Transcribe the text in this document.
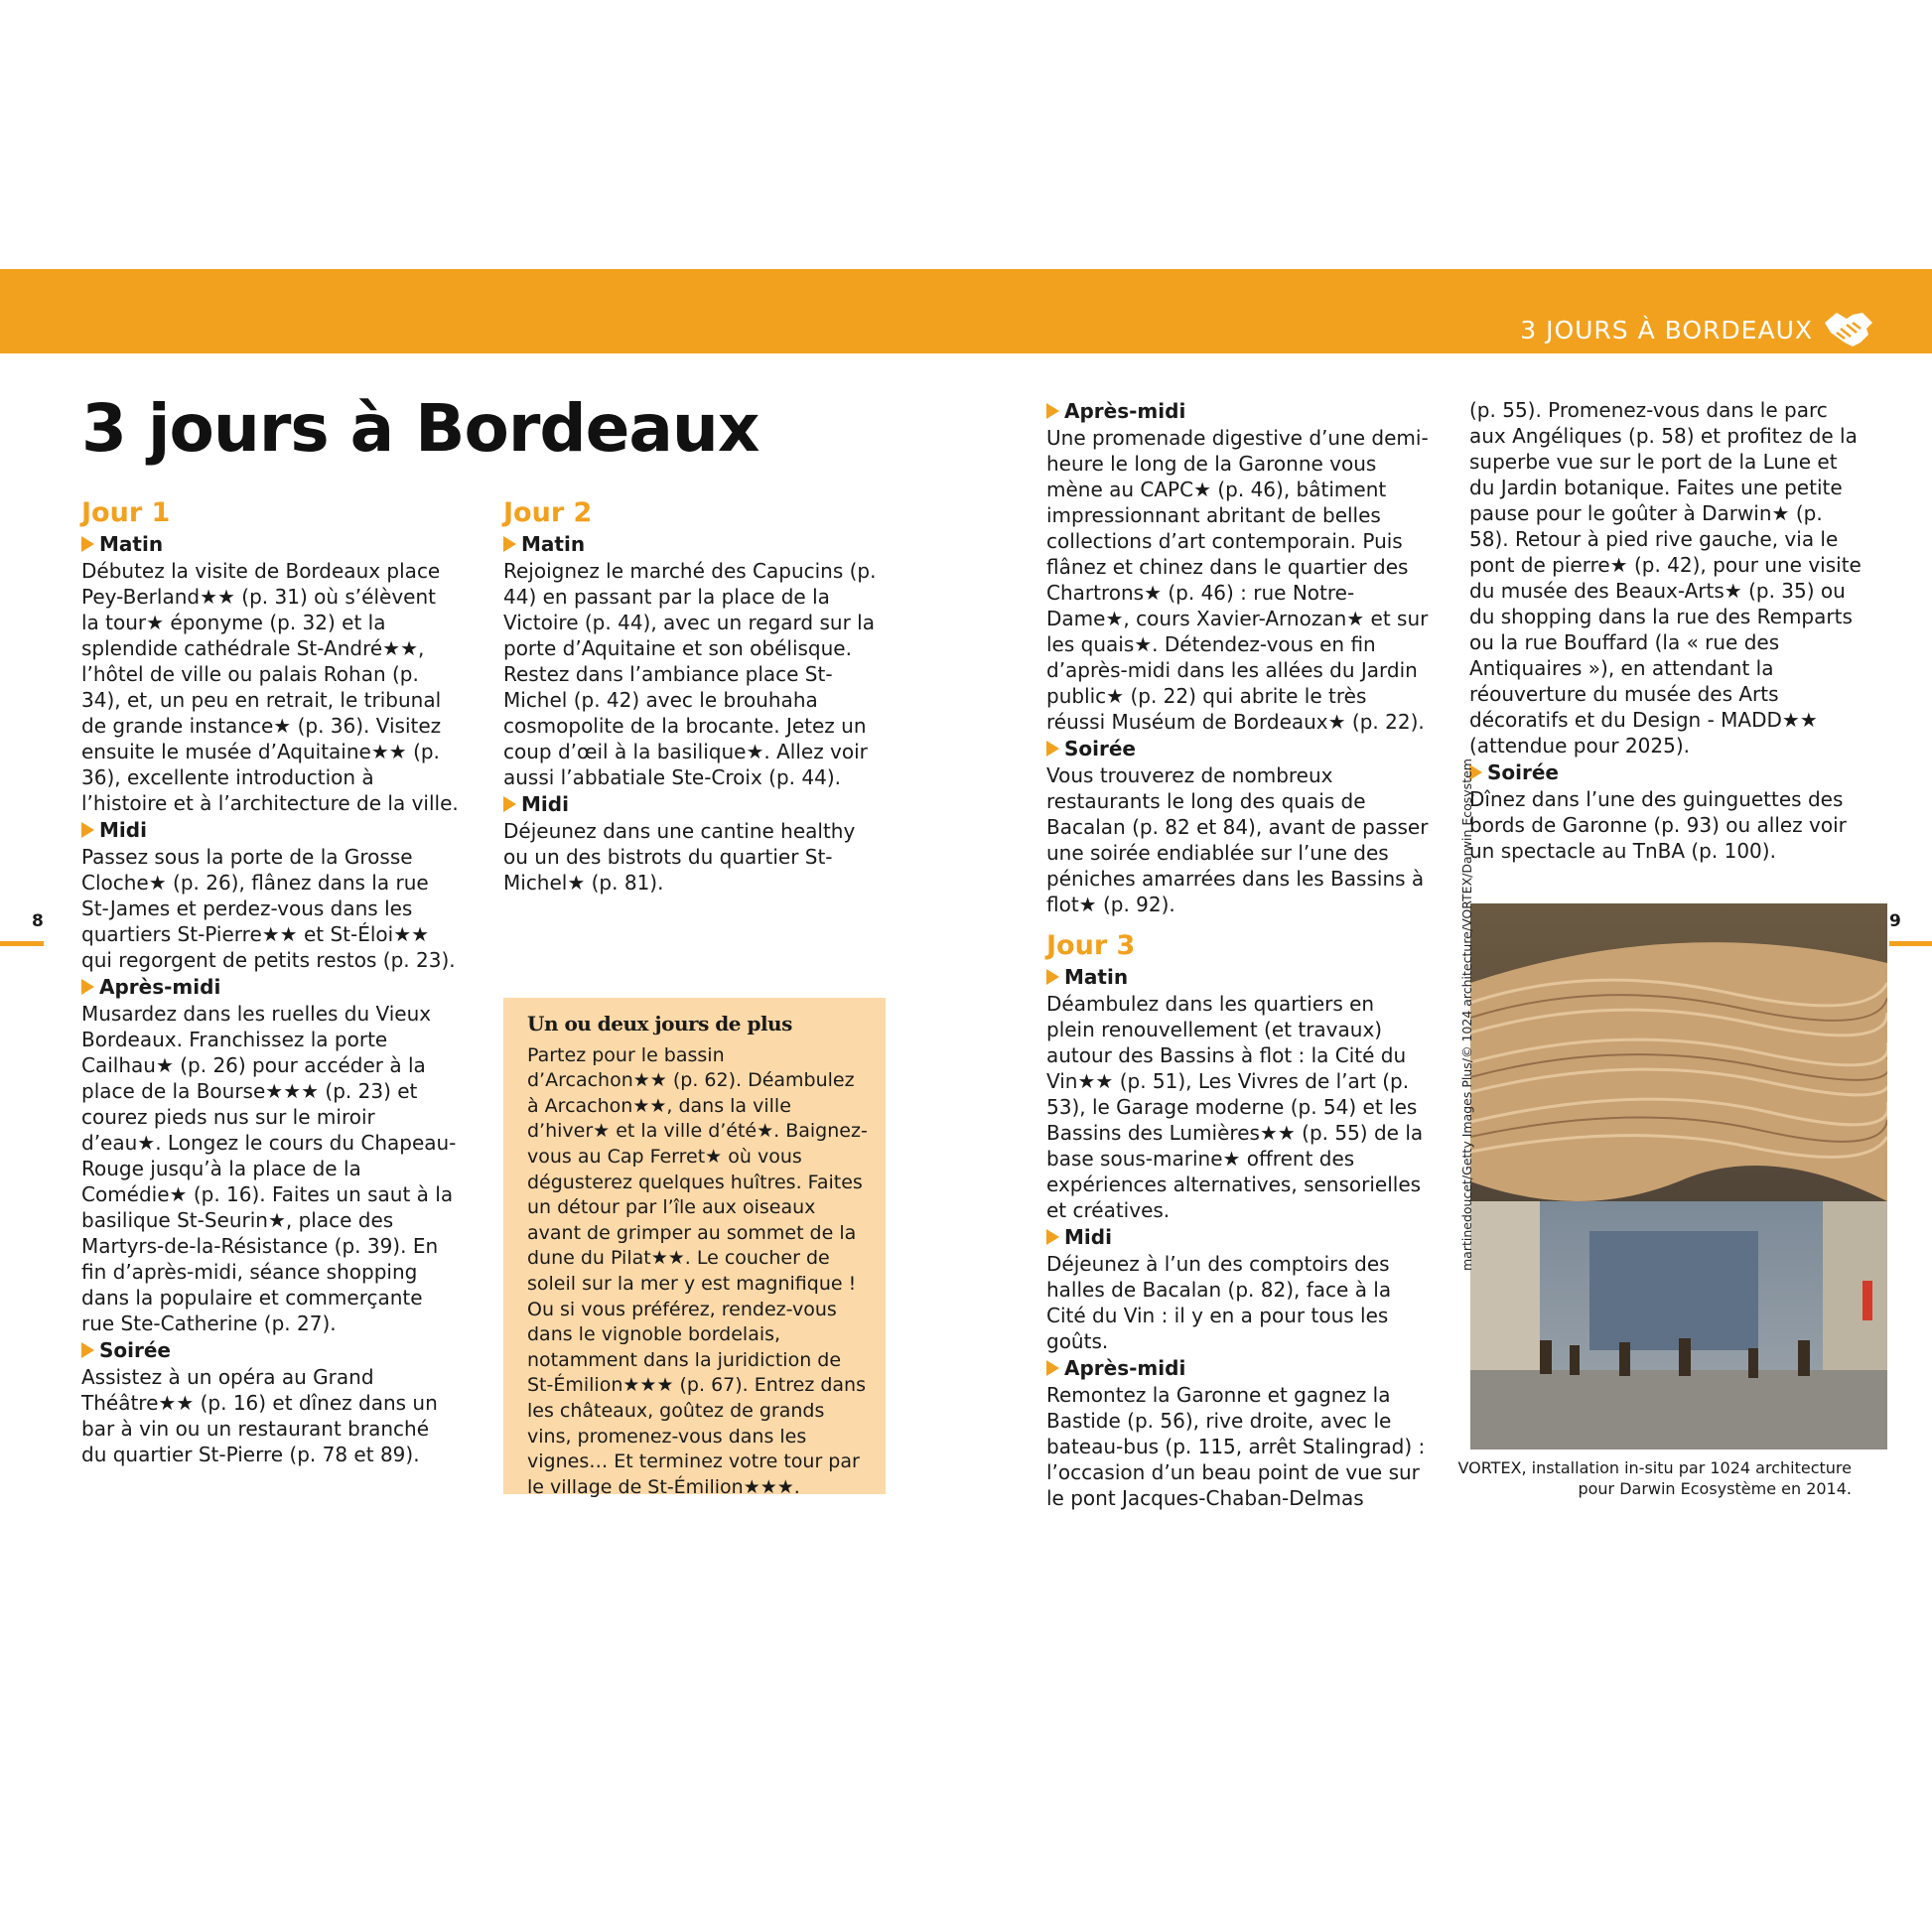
3 JOURS À BORDEAUX
8	9
3 jours à Bordeaux

Jour 1

Matin

Débutez la visite de Bordeaux place Pey-Berland★★ (p. 31) où s’élèvent la tour★ éponyme (p. 32) et la splendide cathédrale St-André★★, l’hôtel de ville ou palais Rohan (p. 34), et, un peu en retrait, le tribunal de grande instance★ (p. 36). Visitez ensuite le musée d’Aquitaine★★ (p. 36), excellente introduction à l’histoire et à l’architecture de la ville.

Midi

Passez sous la porte de la Grosse Cloche★ (p. 26), flânez dans la rue St-James et perdez-vous dans les quartiers St-Pierre★★ et St-Éloi★★ qui regorgent de petits restos (p. 23).

Après-midi

Musardez dans les ruelles du Vieux Bordeaux. Franchissez la porte Cailhau★ (p. 26) pour accéder à la place de la Bourse★★★ (p. 23) et courez pieds nus sur le miroir d’eau★. Longez le cours du Chapeau-Rouge jusqu’à la place de la Comédie★ (p. 16). Faites un saut à la basilique St-Seurin★, place des Martyrs-de-la-Résistance (p. 39). En fin d’après-midi, séance shopping dans la populaire et commerçante rue Ste-Catherine (p. 27).

Soirée

Assistez à un opéra au Grand Théâtre★★ (p. 16) et dînez dans un bar à vin ou un restaurant branché du quartier St-Pierre (p. 78 et 89).

Jour 2

Matin

Rejoignez le marché des Capucins (p. 44) en passant par la place de la Victoire (p. 44), avec un regard sur la porte d’Aquitaine et son obélisque. Restez dans l’ambiance place St-Michel (p. 42) avec le brouhaha cosmopolite de la brocante. Jetez un coup d’œil à la basilique★. Allez voir aussi l’abbatiale Ste-Croix (p. 44).

Midi

Déjeunez dans une cantine healthy ou un des bistrots du quartier St-Michel★ (p. 81).

Un ou deux jours de plus

Partez pour le bassin d’Arcachon★★ (p. 62). Déambulez à Arcachon★★, dans la ville d’hiver★ et la ville d’été★. Baignez-vous au Cap Ferret★ où vous dégusterez quelques huîtres. Faites un détour par l’île aux oiseaux avant de grimper au sommet de la dune du Pilat★★. Le coucher de soleil sur la mer y est magnifique !

Ou si vous préférez, rendez-vous dans le vignoble bordelais, notamment dans la juridiction de St-Émilion★★★ (p. 67). Entrez dans les châteaux, goûtez de grands vins, promenez-vous dans les vignes… Et terminez votre tour par le village de St-Émilion★★★.

Après-midi

Une promenade digestive d’une demi-heure le long de la Garonne vous mène au CAPC★ (p. 46), bâtiment impressionnant abritant de belles collections d’art contemporain. Puis flânez et chinez dans le quartier des Chartrons★ (p. 46) : rue Notre-Dame★, cours Xavier-Arnozan★ et sur les quais★. Détendez-vous en fin d’après-midi dans les allées du Jardin public★ (p. 22) qui abrite le très réussi Muséum de Bordeaux★ (p. 22).

Soirée

Vous trouverez de nombreux restaurants le long des quais de Bacalan (p. 82 et 84), avant de passer une soirée endiablée sur l’une des péniches amarrées dans les Bassins à flot★ (p. 92).

Jour 3

Matin

Déambulez dans les quartiers en plein renouvellement (et travaux) autour des Bassins à flot : la Cité du Vin★★ (p. 51), Les Vivres de l’art (p. 53), le Garage moderne (p. 54) et les Bassins des Lumières★★ (p. 55) de la base sous-marine★ offrent des expériences alternatives, sensorielles et créatives.

Midi

Déjeunez à l’un des comptoirs des halles de Bacalan (p. 82), face à la Cité du Vin : il y en a pour tous les goûts.

Après-midi

Remontez la Garonne et gagnez la Bastide (p. 56), rive droite, avec le bateau-bus (p. 115, arrêt Stalingrad) : l’occasion d’un beau point de vue sur le pont Jacques-Chaban-Delmas

(p. 55). Promenez-vous dans le parc aux Angéliques (p. 58) et profitez de la superbe vue sur le port de la Lune et du Jardin botanique. Faites une petite pause pour le goûter à Darwin★ (p. 58). Retour à pied rive gauche, via le pont de pierre★ (p. 42), pour une visite du musée des Beaux-Arts★ (p. 35) ou du shopping dans la rue des Remparts ou la rue Bouffard (la « rue des Antiquaires »), en attendant la réouverture du musée des Arts décoratifs et du Design - MADD★★ (attendue pour 2025).

Soirée

Dînez dans l’une des guinguettes des bords de Garonne (p. 93) ou allez voir un spectacle au TnBA (p. 100).

martinedoucet/Getty Images Plus/© 1024 architecture/VORTEX/Darwin Ecosystem
VORTEX, installation in-situ par 1024 architecture pour Darwin Ecosystème en 2014.
